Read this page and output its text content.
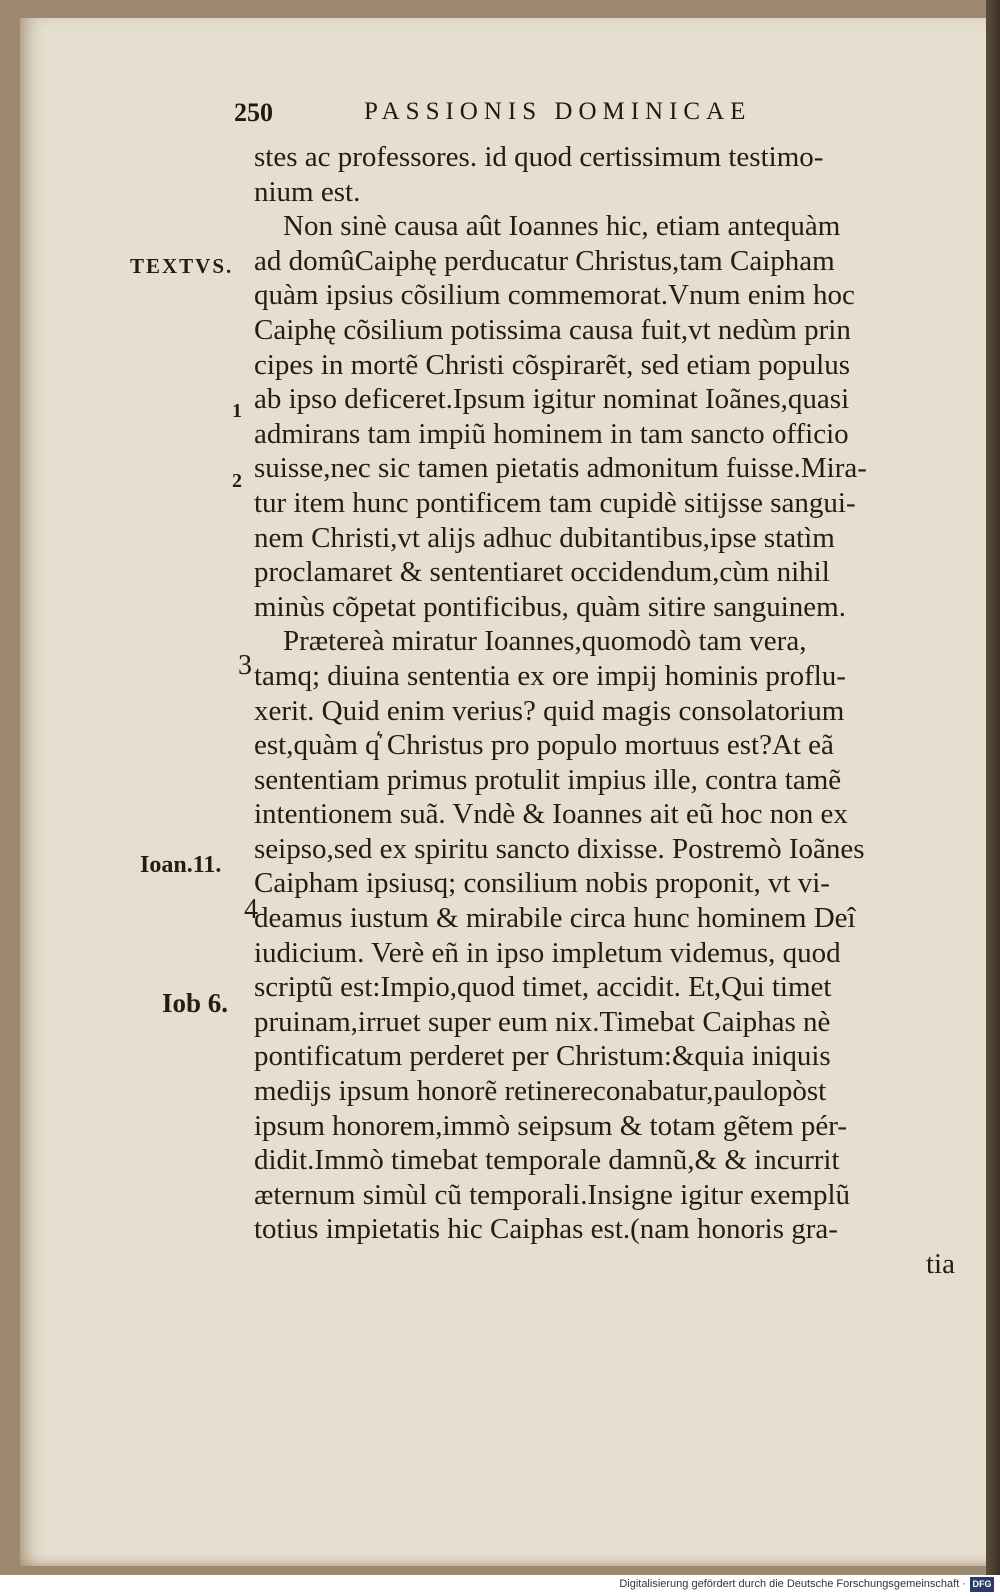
250	PASSIONIS DOMINICAE
TEXTVS.
1
2
3
Ioan.11.
4
Iob 6.
stes ac professores. id quod certissimum testimo-
nium est.
Non sinè causa aût Ioannes hic, etiam antequàm
ad domûCaiphę perducatur Christus,tam Caipham
quàm ipsius cõsilium commemorat.Vnum enim hoc
Caiphę cõsilium potissima causa fuit,vt nedùm prin
cipes in mortẽ Christi cõspirarẽt, sed etiam populus
ab ipso deficeret.Ipsum igitur nominat Ioãnes,quasi
admirans tam impiũ hominem in tam sancto officio
suisse,nec sic tamen pietatis admonitum fuisse.Mira-
tur item hunc pontificem tam cupidè sitijsse sangui-
nem Christi,vt alijs adhuc dubitantibus,ipse statìm
proclamaret & sententiaret occidendum,cùm nihil
minùs cõpetat pontificibus, quàm sitire sanguinem.
Prætereà miratur Ioannes,quomodò tam vera,
tamq; diuina sententia ex ore impij hominis proflu-
xerit. Quid enim verius? quid magis consolatorium
est,quàm q͛ Christus pro populo mortuus est?At eã
sententiam primus protulit impius ille, contra tamẽ
intentionem suã. Vndè & Ioannes ait eũ hoc non ex
seipso,sed ex spiritu sancto dixisse. Postremò Ioãnes
Caipham ipsiusq; consilium nobis proponit, vt vi-
deamus iustum & mirabile circa hunc hominem Deî
iudicium. Verè eñ in ipso impletum videmus, quod
scriptũ est:Impio,quod timet, accidit. Et,Qui timet
pruinam,irruet super eum nix.Timebat Caiphas nè
pontificatum perderet per Christum:&quia iniquis
medijs ipsum honorẽ retinereconabatur,paulopòst
ipsum honorem,immò seipsum & totam gẽtem pér-
didit.Immò timebat temporale damnũ,& & incurrit
æternum simùl cũ temporali.Insigne igitur exemplũ
totius impietatis hic Caiphas est.(nam honoris gra-
tia
Digitalisierung gefördert durch die Deutsche Forschungsgemeinschaft · DFG
